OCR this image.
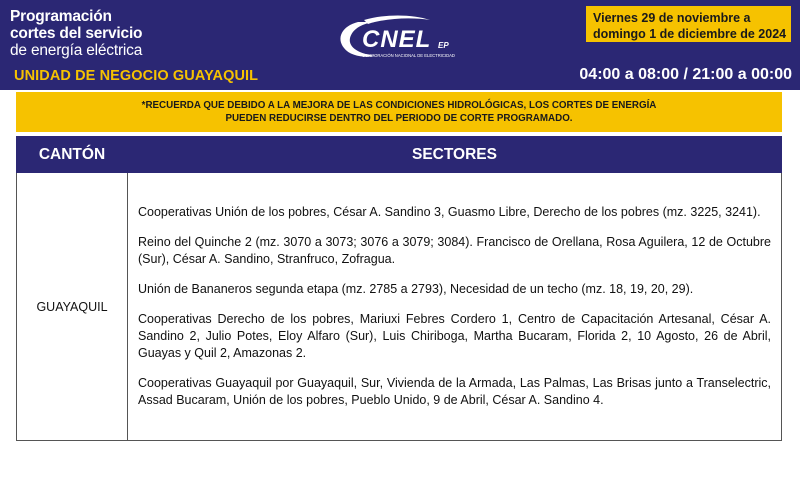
Programación
cortes del servicio
de energía eléctrica
UNIDAD DE NEGOCIO GUAYAQUIL
CNEL EP
CORPORACIÓN NACIONAL DE ELECTRICIDAD
Viernes 29 de noviembre a
domingo 1 de diciembre de 2024
04:00 a 08:00 / 21:00 a 00:00
*RECUERDA QUE DEBIDO A LA MEJORA DE LAS CONDICIONES HIDROLÓGICAS, LOS CORTES DE ENERGÍA
PUEDEN REDUCIRSE DENTRO DEL PERIODO DE CORTE PROGRAMADO.
CANTÓN	SECTORES
GUAYAQUIL	Cooperativas Unión de los pobres, César A. Sandino 3, Guasmo Libre, Derecho de los pobres (mz. 3225, 3241).

Reino del Quinche 2 (mz. 3070 a 3073; 3076 a 3079; 3084). Francisco de Orellana, Rosa Aguilera, 12 de Octubre (Sur), César A. Sandino, Stranfruco, Zofragua.

Unión de Bananeros segunda etapa (mz. 2785 a 2793), Necesidad de un techo (mz. 18, 19, 20, 29).

Cooperativas Derecho de los pobres, Mariuxi Febres Cordero 1, Centro de Capacitación Artesanal, César A. Sandino 2, Julio Potes, Eloy Alfaro (Sur), Luis Chiriboga, Martha Bucaram, Florida 2, 10 Agosto, 26 de Abril, Guayas y Quil 2, Amazonas 2.

Cooperativas Guayaquil por Guayaquil, Sur, Vivienda de la Armada, Las Palmas, Las Brisas junto a Transelectric, Assad Bucaram, Unión de los pobres, Pueblo Unido, 9 de Abril, César A. Sandino 4.
